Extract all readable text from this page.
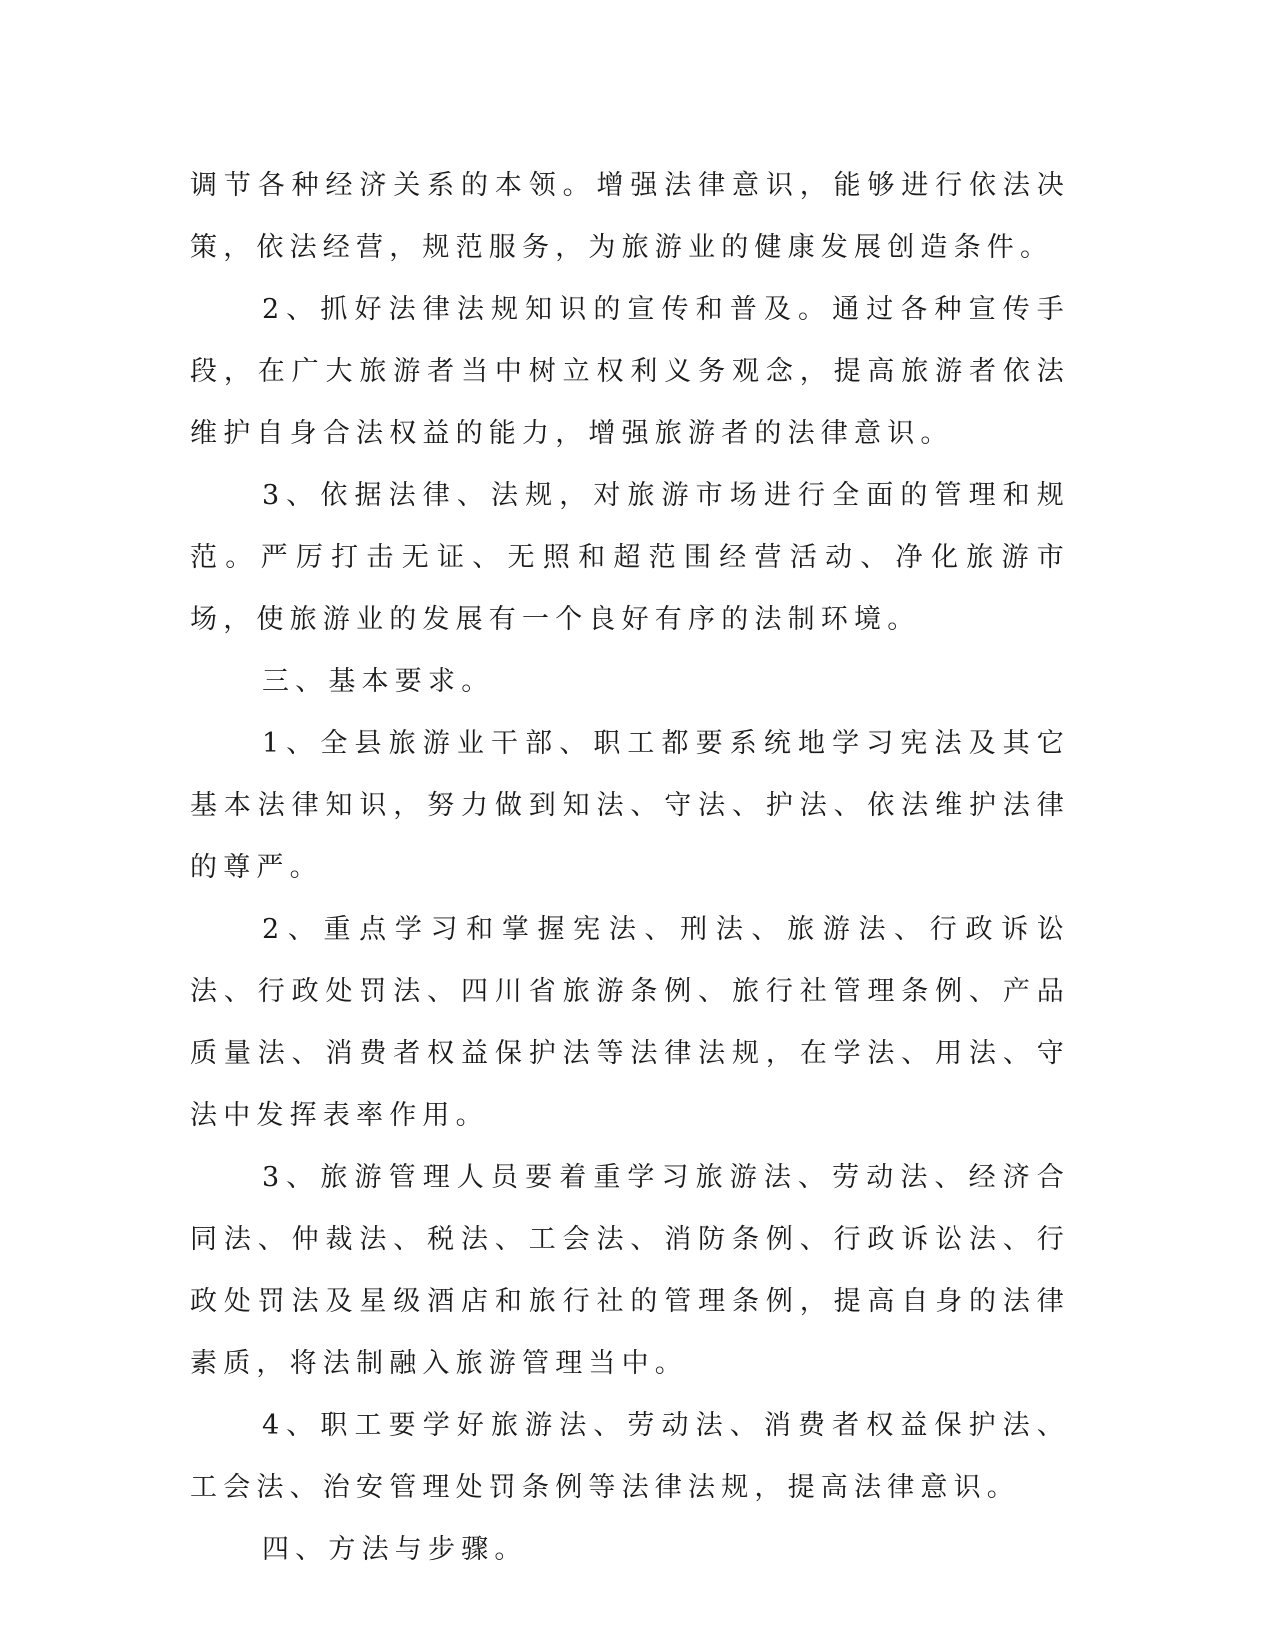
调节各种经济关系的本领。增强法律意识，能够进行依法决策，依法经营，规范服务，为旅游业的健康发展创造条件。

2、抓好法律法规知识的宣传和普及。通过各种宣传手段，在广大旅游者当中树立权利义务观念，提高旅游者依法维护自身合法权益的能力，增强旅游者的法律意识。

3、依据法律、法规，对旅游市场进行全面的管理和规范。严厉打击无证、无照和超范围经营活动、净化旅游市场，使旅游业的发展有一个良好有序的法制环境。

三、基本要求。

1、全县旅游业干部、职工都要系统地学习宪法及其它基本法律知识，努力做到知法、守法、护法、依法维护法律的尊严。

2、重点学习和掌握宪法、刑法、旅游法、行政诉讼法、行政处罚法、四川省旅游条例、旅行社管理条例、产品质量法、消费者权益保护法等法律法规，在学法、用法、守法中发挥表率作用。

3、旅游管理人员要着重学习旅游法、劳动法、经济合同法、仲裁法、税法、工会法、消防条例、行政诉讼法、行政处罚法及星级酒店和旅行社的管理条例，提高自身的法律素质，将法制融入旅游管理当中。

4、职工要学好旅游法、劳动法、消费者权益保护法、工会法、治安管理处罚条例等法律法规，提高法律意识。

四、方法与步骤。
